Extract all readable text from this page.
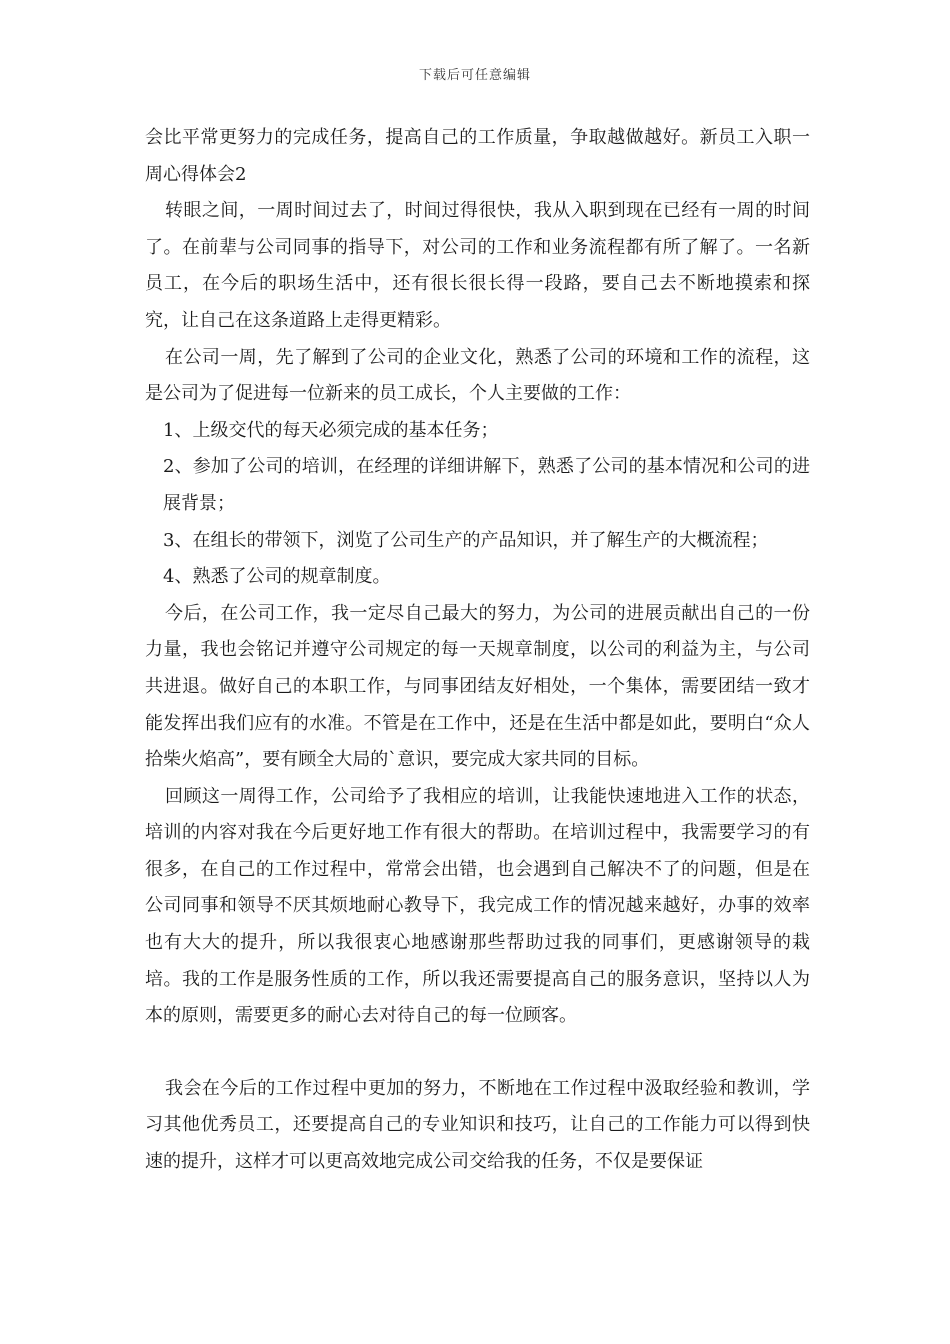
下载后可任意编辑

会比平常更努力的完成任务，提高自己的工作质量，争取越做越好。新员工入职一周心得体会2

转眼之间，一周时间过去了，时间过得很快，我从入职到现在已经有一周的时间了。在前辈与公司同事的指导下，对公司的工作和业务流程都有所了解了。一名新员工，在今后的职场生活中，还有很长很长得一段路，要自己去不断地摸索和探究，让自己在这条道路上走得更精彩。

在公司一周，先了解到了公司的企业文化，熟悉了公司的环境和工作的流程，这是公司为了促进每一位新来的员工成长，个人主要做的工作：

1、上级交代的每天必须完成的基本任务；

2、参加了公司的培训，在经理的详细讲解下，熟悉了公司的基本情况和公司的进展背景；

3、在组长的带领下，浏览了公司生产的产品知识，并了解生产的大概流程；

4、熟悉了公司的规章制度。

今后，在公司工作，我一定尽自己最大的努力，为公司的进展贡献出自己的一份力量，我也会铭记并遵守公司规定的每一天规章制度，以公司的利益为主，与公司共进退。做好自己的本职工作，与同事团结友好相处，一个集体，需要团结一致才能发挥出我们应有的水准。不管是在工作中，还是在生活中都是如此，要明白“众人拾柴火焰高”，要有顾全大局的`意识，要完成大家共同的目标。

回顾这一周得工作，公司给予了我相应的培训，让我能快速地进入工作的状态，培训的内容对我在今后更好地工作有很大的帮助。在培训过程中，我需要学习的有很多，在自己的工作过程中，常常会出错，也会遇到自己解决不了的问题，但是在公司同事和领导不厌其烦地耐心教导下，我完成工作的情况越来越好，办事的效率也有大大的提升，所以我很衷心地感谢那些帮助过我的同事们，更感谢领导的栽培。我的工作是服务性质的工作，所以我还需要提高自己的服务意识，坚持以人为本的原则，需要更多的耐心去对待自己的每一位顾客。

我会在今后的工作过程中更加的努力，不断地在工作过程中汲取经验和教训，学习其他优秀员工，还要提高自己的专业知识和技巧，让自己的工作能力可以得到快速的提升，这样才可以更高效地完成公司交给我的任务，不仅是要保证
